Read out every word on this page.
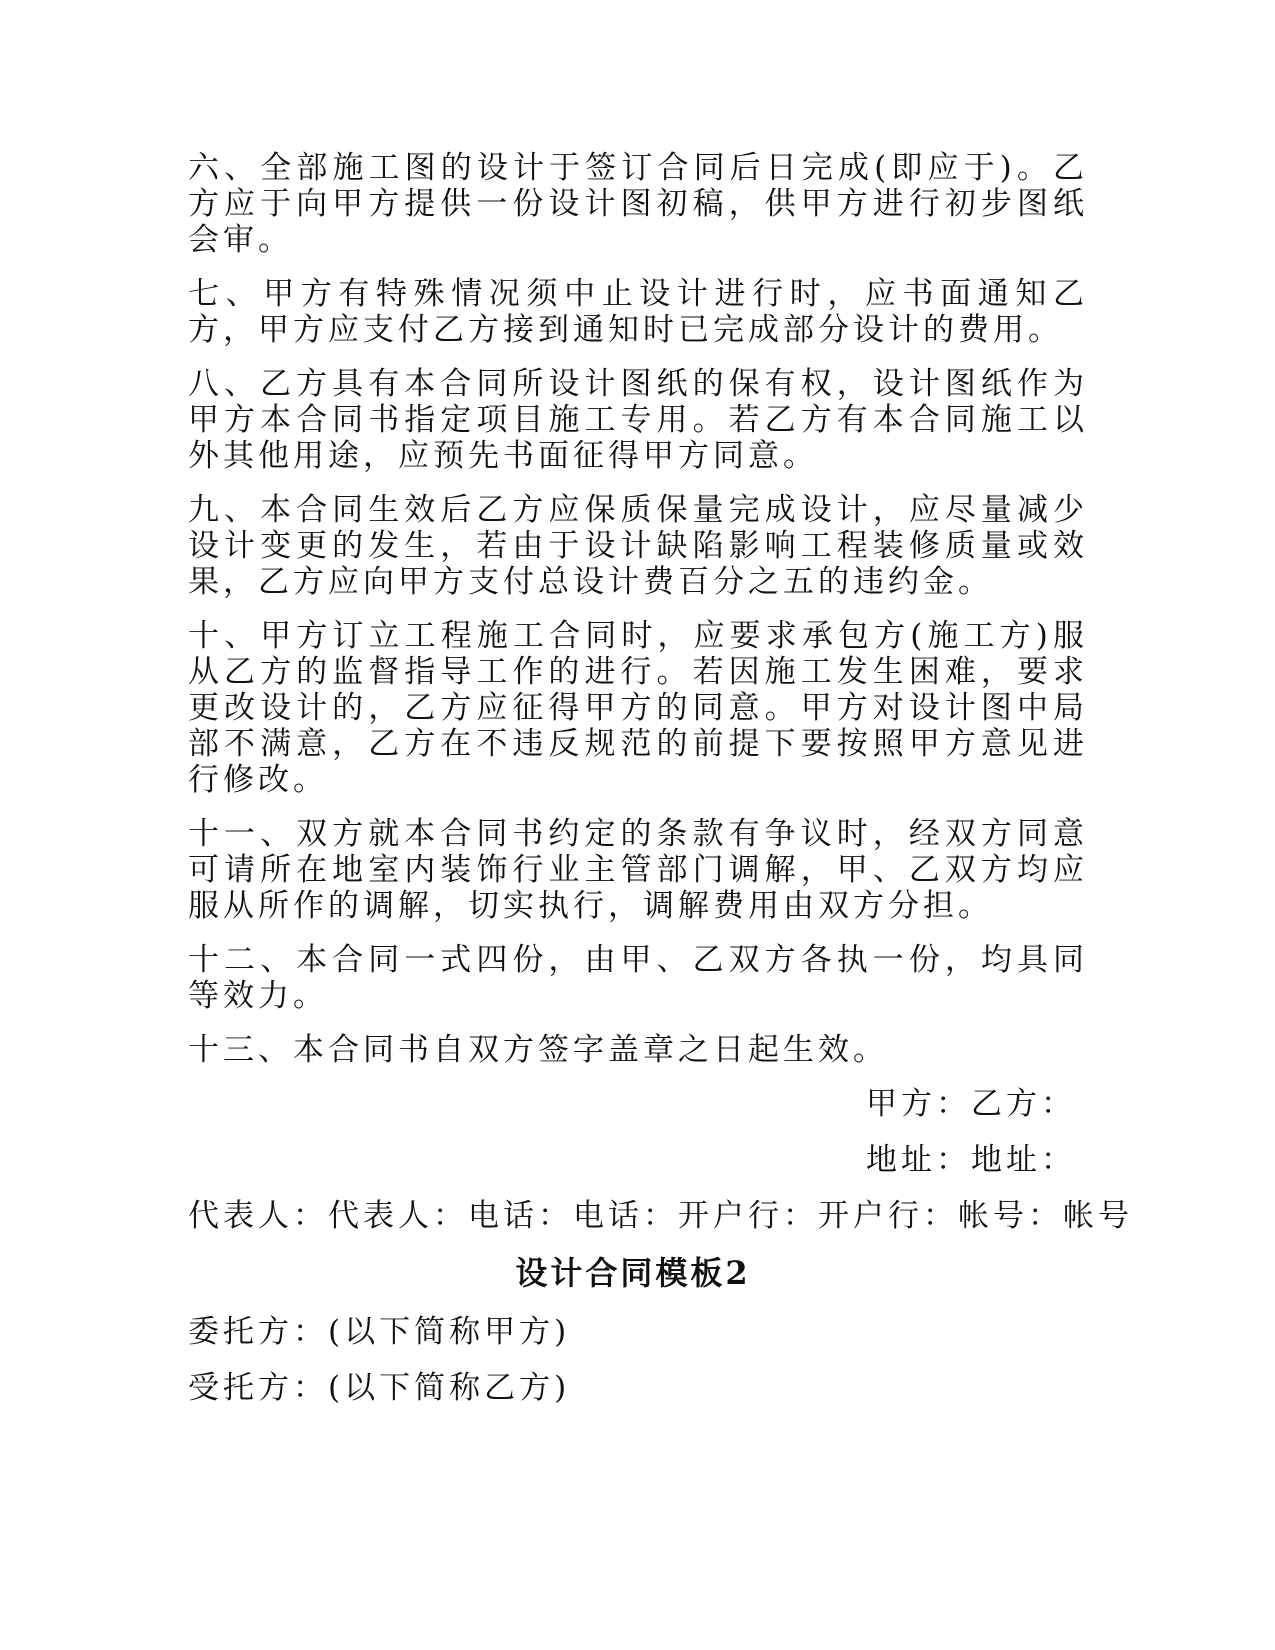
六、全部施工图的设计于签订合同后日完成(即应于)。乙方应于向甲方提供一份设计图初稿，供甲方进行初步图纸会审。

七、甲方有特殊情况须中止设计进行时，应书面通知乙方，甲方应支付乙方接到通知时已完成部分设计的费用。

八、乙方具有本合同所设计图纸的保有权，设计图纸作为甲方本合同书指定项目施工专用。若乙方有本合同施工以外其他用途，应预先书面征得甲方同意。

九、本合同生效后乙方应保质保量完成设计，应尽量减少设计变更的发生，若由于设计缺陷影响工程装修质量或效果，乙方应向甲方支付总设计费百分之五的违约金。

十、甲方订立工程施工合同时，应要求承包方(施工方)服从乙方的监督指导工作的进行。若因施工发生困难，要求更改设计的，乙方应征得甲方的同意。甲方对设计图中局部不满意，乙方在不违反规范的前提下要按照甲方意见进行修改。

十一、双方就本合同书约定的条款有争议时，经双方同意可请所在地室内装饰行业主管部门调解，甲、乙双方均应服从所作的调解，切实执行，调解费用由双方分担。

十二、本合同一式四份，由甲、乙双方各执一份，均具同等效力。

十三、本合同书自双方签字盖章之日起生效。

甲方：乙方：
地址：地址：
代表人：代表人：电话：电话：开户行：开户行：帐号：帐号
设计合同模板2
委托方：(以下简称甲方)
受托方：(以下简称乙方)
